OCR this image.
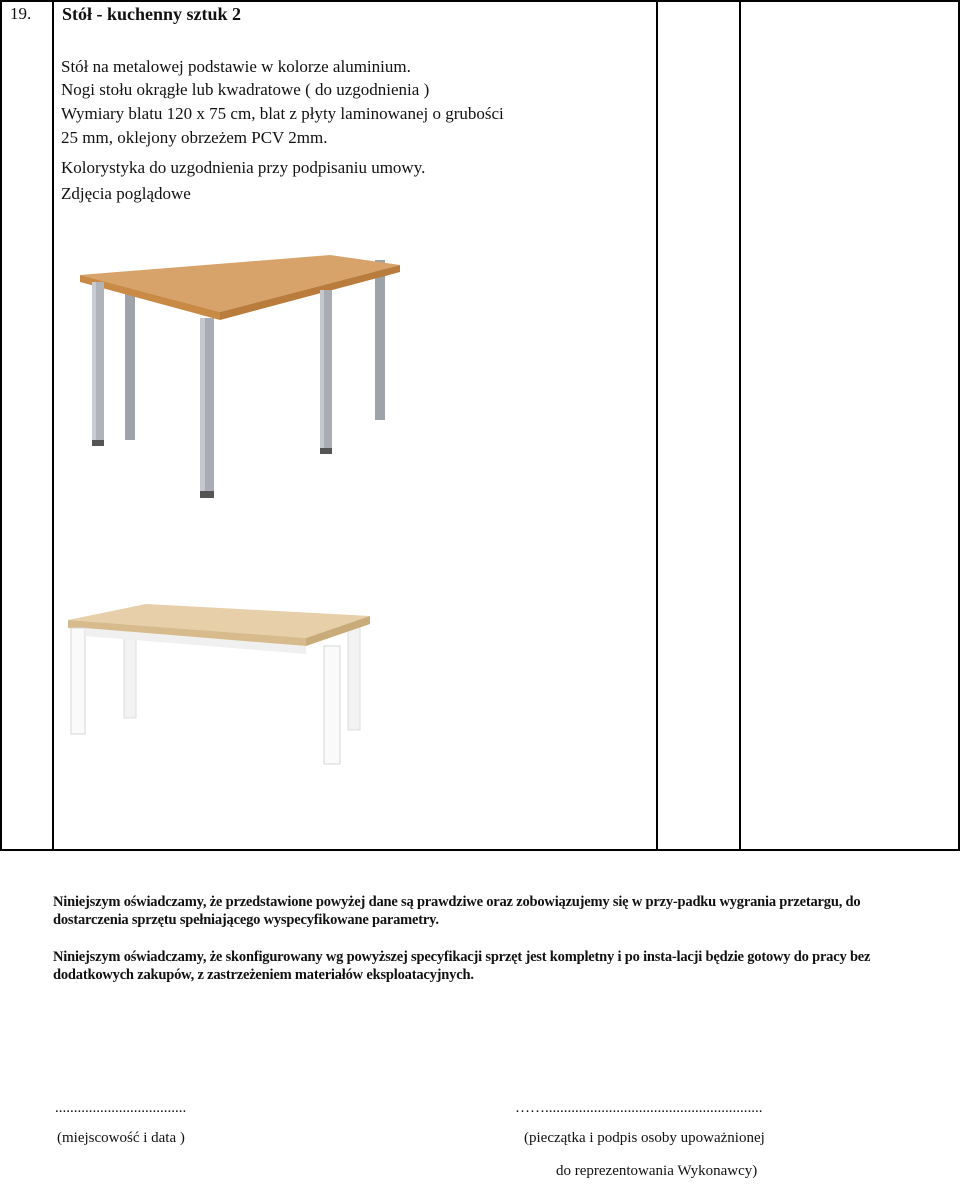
19. Stół - kuchenny sztuk 2
Stół na metalowej podstawie w kolorze aluminium.
Nogi stołu okrągłe lub kwadratowe ( do uzgodnienia )
Wymiary blatu 120 x 75 cm, blat z płyty laminowanej o grubości
25 mm, oklejony obrzeżem PCV 2mm.
Kolorystyka do uzgodnienia przy podpisaniu umowy.
Zdjęcia poglądowe
Niniejszym oświadczamy, że przedstawione powyżej dane są prawdziwe oraz zobowiązujemy się w przy-padku wygrania przetargu, do dostarczenia sprzętu spełniającego wyspecyfikowane parametry.
Niniejszym oświadczamy, że skonfigurowany wg powyższej specyfikacji sprzęt jest kompletny i po insta-lacji będzie gotowy do pracy bez dodatkowych zakupów, z zastrzeżeniem materiałów eksploatacyjnych.
...................................
(miejscowość i data )
……..........................................................
(pieczątka i podpis osoby upoważnionej
do reprezentowania Wykonawcy)
